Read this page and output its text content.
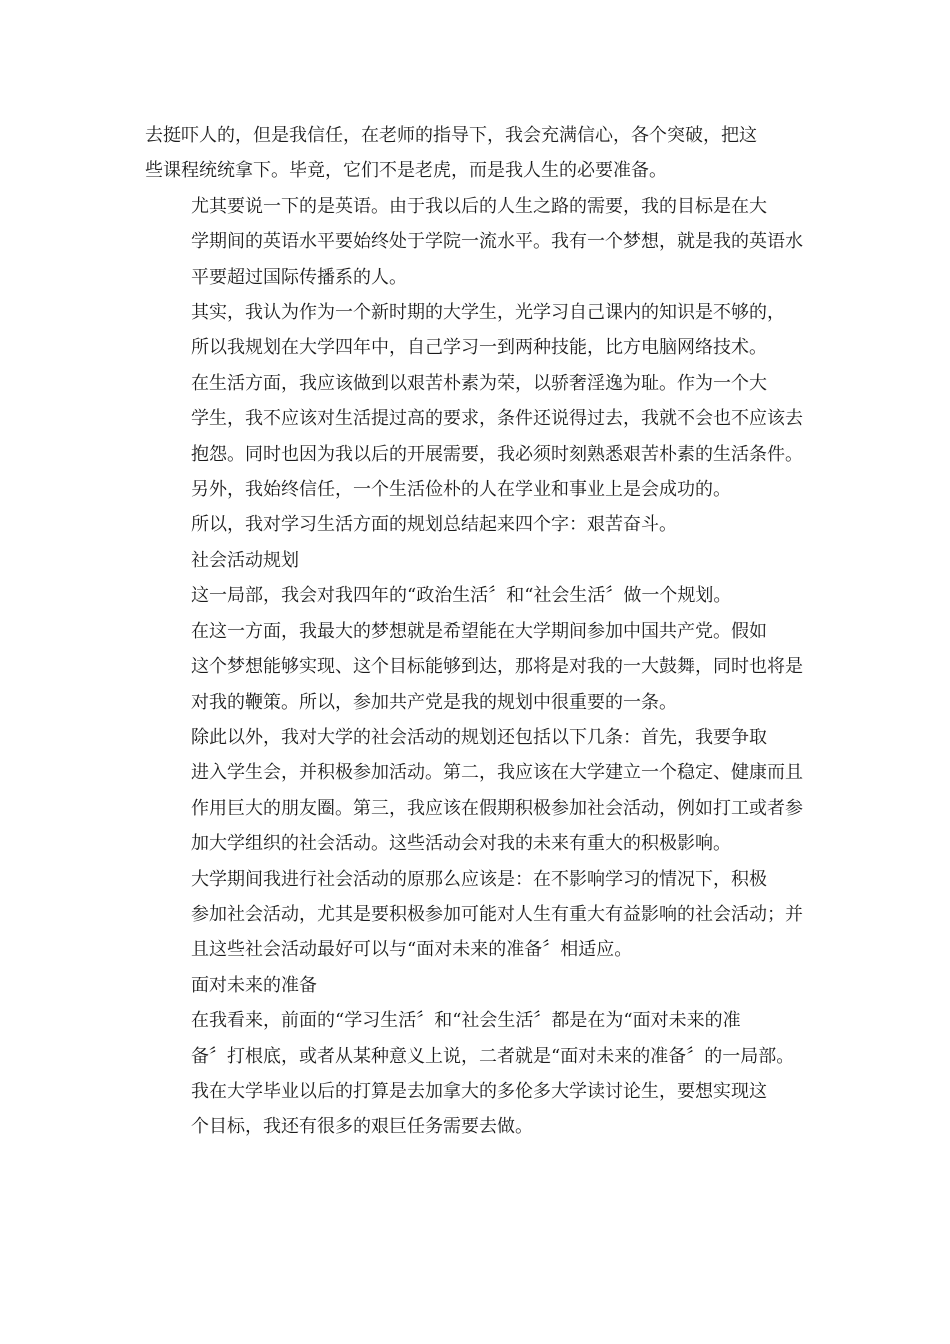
去挺吓人的，但是我信任，在老师的指导下，我会充满信心，各个突破，把这
些课程统统拿下。毕竟，它们不是老虎，而是我人生的必要准备。
尤其要说一下的是英语。由于我以后的人生之路的需要，我的目标是在大
学期间的英语水平要始终处于学院一流水平。我有一个梦想，就是我的英语水
平要超过国际传播系的人。
其实，我认为作为一个新时期的大学生，光学习自己课内的知识是不够的，
所以我规划在大学四年中，自己学习一到两种技能，比方电脑网络技术。
在生活方面，我应该做到以艰苦朴素为荣，以骄奢淫逸为耻。作为一个大
学生，我不应该对生活提过高的要求，条件还说得过去，我就不会也不应该去
抱怨。同时也因为我以后的开展需要，我必须时刻熟悉艰苦朴素的生活条件。
另外，我始终信任，一个生活俭朴的人在学业和事业上是会成功的。
所以，我对学习生活方面的规划总结起来四个字：艰苦奋斗。
社会活动规划
这一局部，我会对我四年的“政治生活〞和“社会生活〞做一个规划。
在这一方面，我最大的梦想就是希望能在大学期间参加中国共产党。假如
这个梦想能够实现、这个目标能够到达，那将是对我的一大鼓舞，同时也将是
对我的鞭策。所以，参加共产党是我的规划中很重要的一条。
除此以外，我对大学的社会活动的规划还包括以下几条：首先，我要争取
进入学生会，并积极参加活动。第二，我应该在大学建立一个稳定、健康而且
作用巨大的朋友圈。第三，我应该在假期积极参加社会活动，例如打工或者参
加大学组织的社会活动。这些活动会对我的未来有重大的积极影响。
大学期间我进行社会活动的原那么应该是：在不影响学习的情况下，积极
参加社会活动，尤其是要积极参加可能对人生有重大有益影响的社会活动；并
且这些社会活动最好可以与“面对未来的准备〞相适应。
面对未来的准备
在我看来，前面的“学习生活〞和“社会生活〞都是在为“面对未来的准
备〞打根底，或者从某种意义上说，二者就是“面对未来的准备〞的一局部。
我在大学毕业以后的打算是去加拿大的多伦多大学读讨论生，要想实现这
个目标，我还有很多的艰巨任务需要去做。
